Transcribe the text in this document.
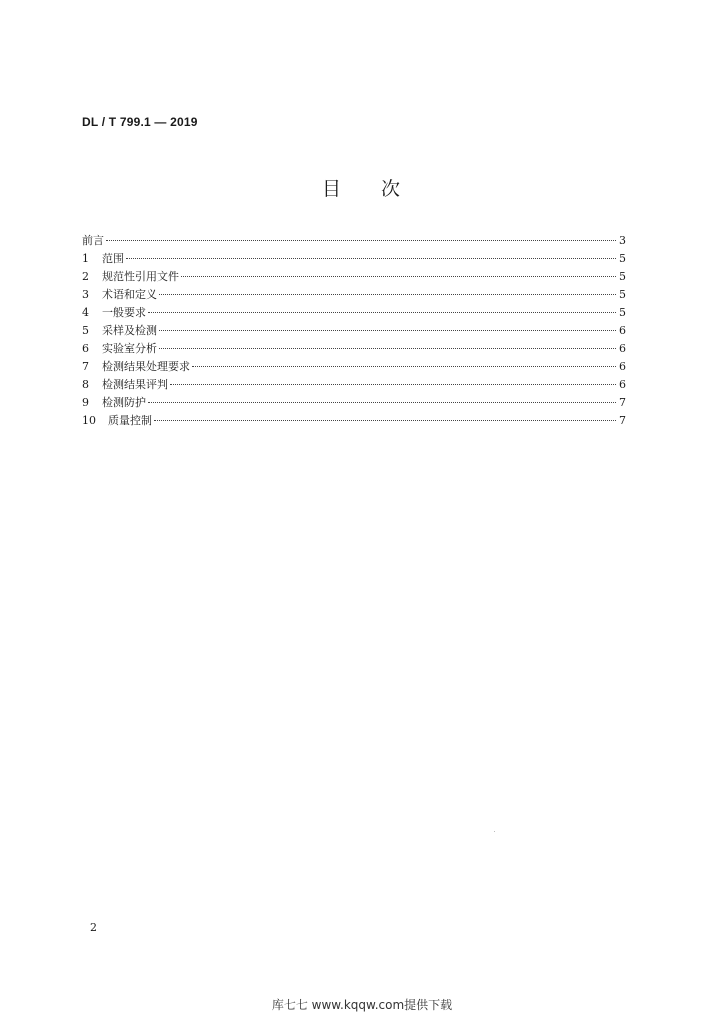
DL / T 799.1 — 2019
目 次
前言	3
1	范围	5
2	规范性引用文件	5
3	术语和定义	5
4	一般要求	5
5	采样及检测	6
6	实验室分析	6
7	检测结果处理要求	6
8	检测结果评判	6
9	检测防护	7
10	质量控制	7
2
库七七 www.kqqw.com提供下载
